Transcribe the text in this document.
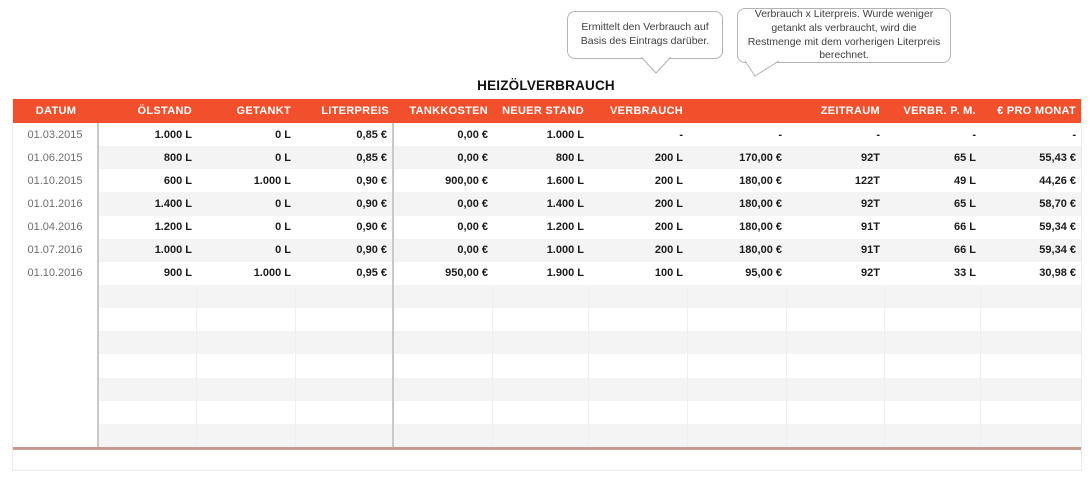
Ermittelt den Verbrauch auf Basis des Eintrags darüber.
Verbrauch x Literpreis. Wurde weniger getankt als verbraucht, wird die Restmenge mit dem vorherigen Literpreis berechnet.
HEIZÖLVERBRAUCH
DATUM	ÖLSTAND	GETANKT	LITERPREIS	TANKKOSTEN	NEUER STAND	VERBRAUCH		ZEITRAUM	VERBR. P. M.	€ PRO MONAT
01.03.2015	1.000 L	0 L	0,85 €	0,00 €	1.000 L	-	-	-	-	-
01.06.2015	800 L	0 L	0,85 €	0,00 €	800 L	200 L	170,00 €	92T	65 L	55,43 €
01.10.2015	600 L	1.000 L	0,90 €	900,00 €	1.600 L	200 L	180,00 €	122T	49 L	44,26 €
01.01.2016	1.400 L	0 L	0,90 €	0,00 €	1.400 L	200 L	180,00 €	92T	65 L	58,70 €
01.04.2016	1.200 L	0 L	0,90 €	0,00 €	1.200 L	200 L	180,00 €	91T	66 L	59,34 €
01.07.2016	1.000 L	0 L	0,90 €	0,00 €	1.000 L	200 L	180,00 €	91T	66 L	59,34 €
01.10.2016	900 L	1.000 L	0,95 €	950,00 €	1.900 L	100 L	95,00 €	92T	33 L	30,98 €
